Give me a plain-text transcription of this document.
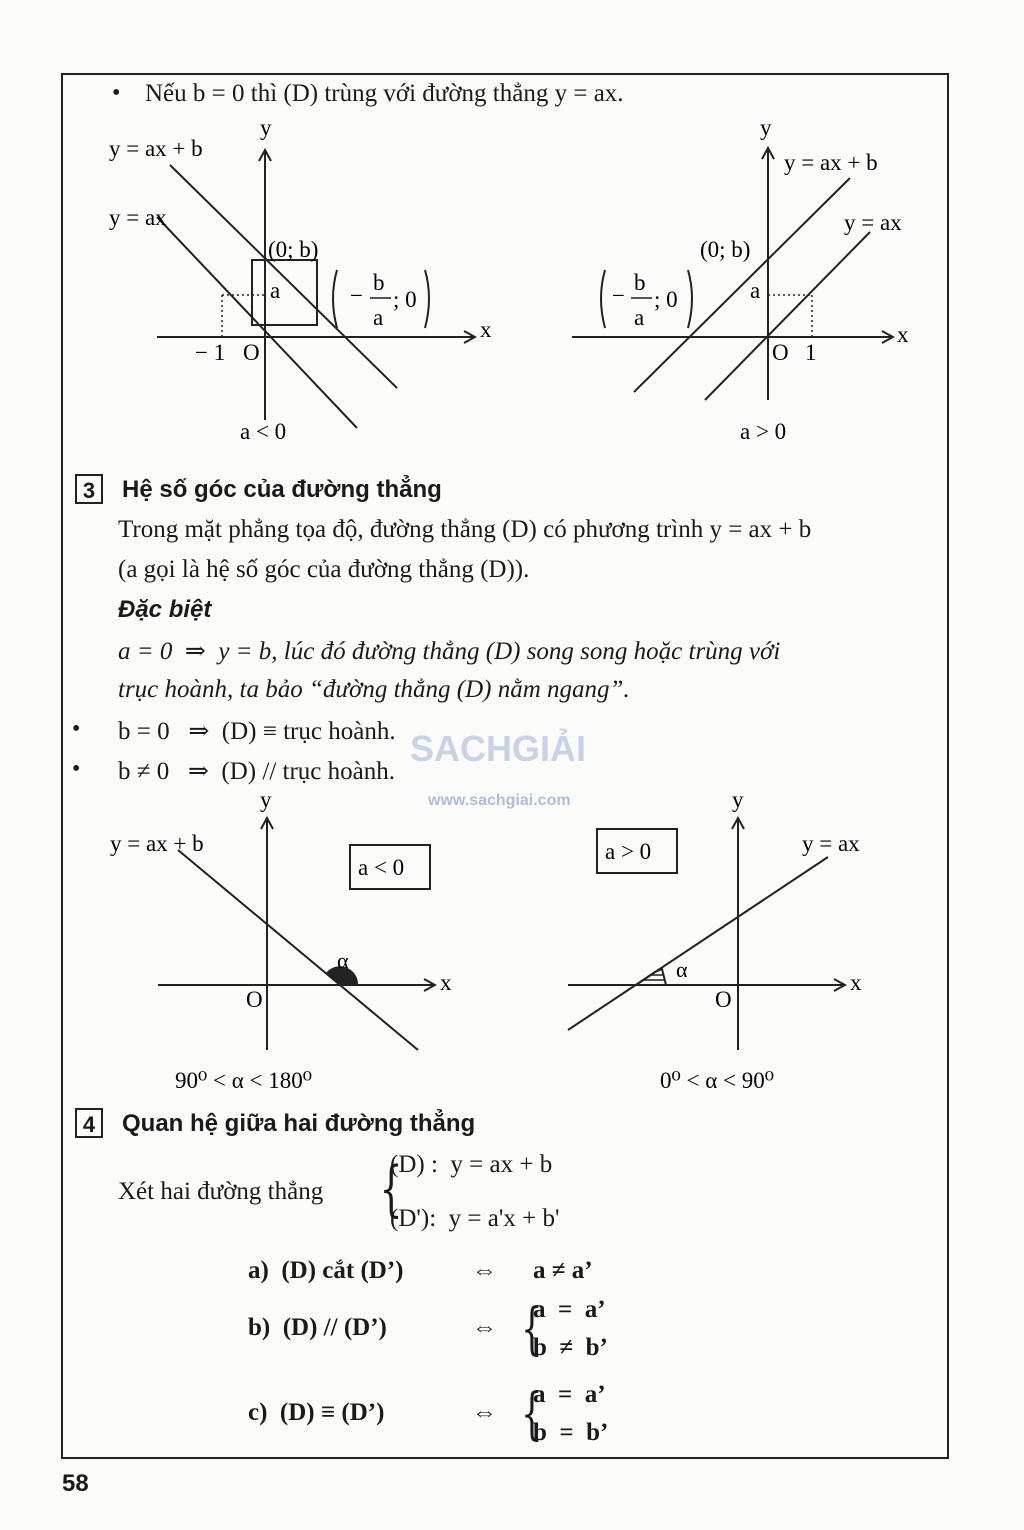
• Nếu b = 0 thì (D) trùng với đường thẳng y = ax.
y = ax + b
y = ax
y
x
(0; b)
a	−
b
a
; 0
− 1 O
a < 0
y = ax + b
y = ax
y
x
(0; b)
a
−
b
a
; 0
O 1
a > 0
3	Hệ số góc của đường thẳng
Trong mặt phẳng tọa độ, đường thẳng (D) có phương trình y = ax + b
(a gọi là hệ số góc của đường thẳng (D)).
Đặc biệt
a = 0  ⇒  y = b, lúc đó đường thẳng (D) song song hoặc trùng với
trục hoành, ta bảo “đường thẳng (D) nằm ngang”.
• b = 0   ⇒  (D) ≡ trục hoành.
• b ≠ 0   ⇒  (D) // trục hoành.
SACHGIẢI
www.sachgiai.com
y = ax + b
y
x
a < 0
α
O
90⁰ < α < 180⁰
y
x
y = ax
a > 0
α
O
0⁰ < α < 90⁰
4	Quan hệ giữa hai đường thẳng
Xét hai đường thẳng {
(D) :  y = ax + b
(D'):  y = a'x + b'
a)  (D) cắt (D’)	⇔ a ≠ a’
b)  (D) // (D’)	⇔ {
a  =  a’
b  ≠  b’
c)  (D) ≡ (D’)	⇔ {
a  =  a’
b  =  b’
58
